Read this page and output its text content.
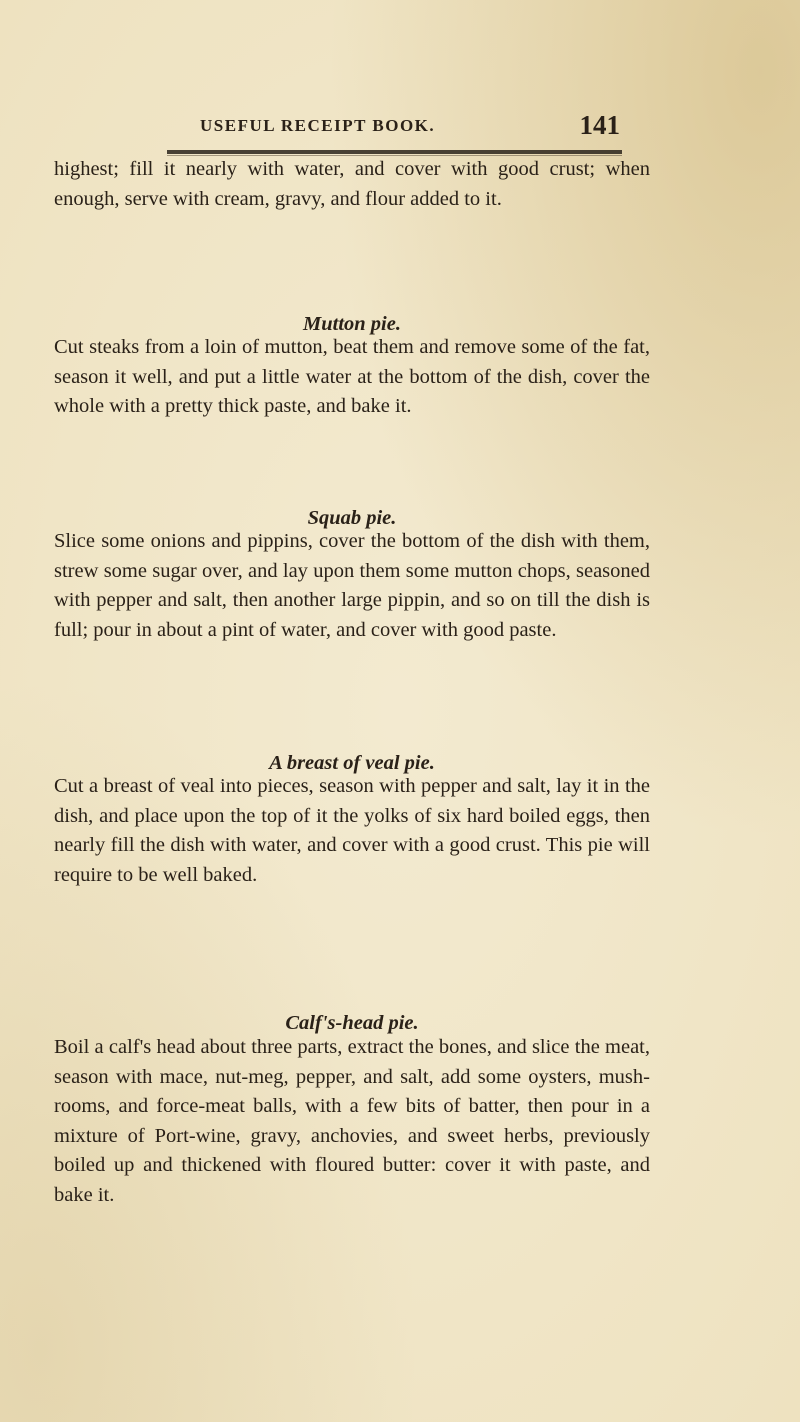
USEFUL RECEIPT BOOK.	141

highest; fill it nearly with water, and cover with good crust; when enough, serve with cream, gravy, and flour added to it.

Mutton pie.

Cut steaks from a loin of mutton, beat them and remove some of the fat, season it well, and put a little water at the bottom of the dish, cover the whole with a pretty thick paste, and bake it.

Squab pie.

Slice some onions and pippins, cover the bottom of the dish with them, strew some sugar over, and lay upon them some mutton chops, seasoned with pepper and salt, then another large pippin, and so on till the dish is full; pour in about a pint of water, and cover with good paste.

A breast of veal pie.

Cut a breast of veal into pieces, season with pepper and salt, lay it in the dish, and place upon the top of it the yolks of six hard boiled eggs, then nearly fill the dish with water, and cover with a good crust. This pie will require to be well baked.

Calf's-head pie.

Boil a calf's head about three parts, extract the bones, and slice the meat, season with mace, nut-meg, pepper, and salt, add some oysters, mush-rooms, and force-meat balls, with a few bits of batter, then pour in a mixture of Port-wine, gravy, anchovies, and sweet herbs, previously boiled up and thickened with floured butter: cover it with paste, and bake it.
